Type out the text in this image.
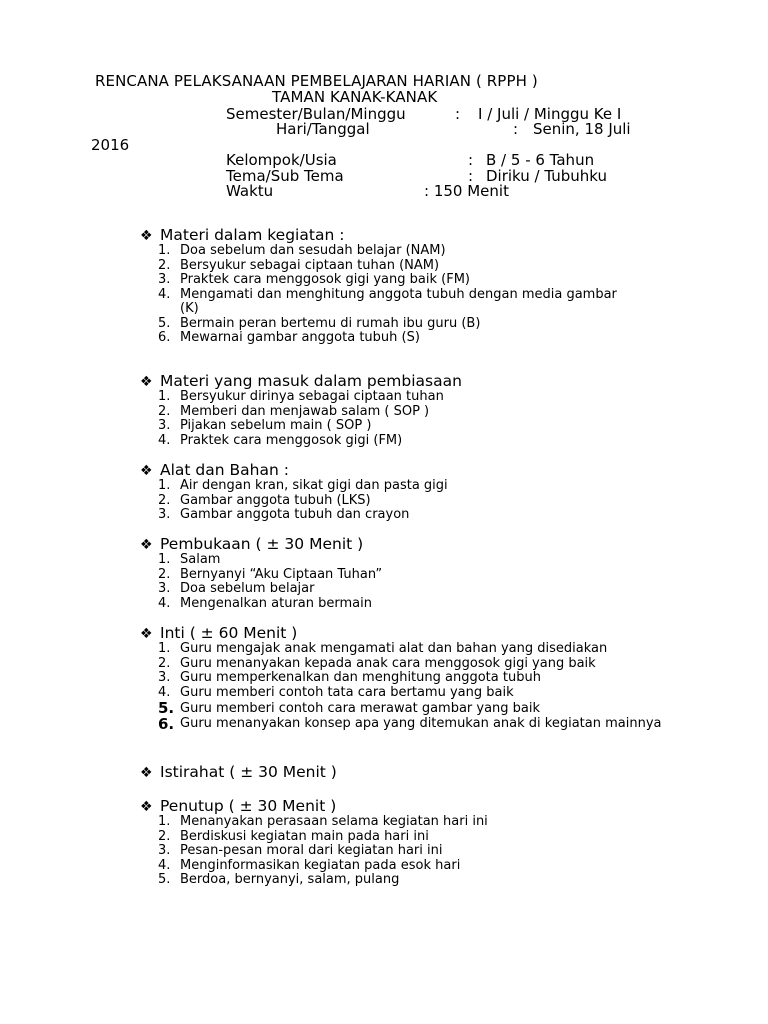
RENCANA PELAKSANAAN PEMBELAJARAN HARIAN ( RPPH )
TAMAN KANAK-KANAK
Semester/Bulan/Minggu	: I / Juli / Minggu Ke I
Hari/Tanggal	: Senin, 18 Juli
2016
Kelompok/Usia	: B / 5 - 6 Tahun
Tema/Sub Tema	: Diriku / Tubuhku
Waktu	: 150 Menit
❖ Materi dalam kegiatan :
1. Doa sebelum dan sesudah belajar (NAM)
2. Bersyukur sebagai ciptaan tuhan (NAM)
3. Praktek cara menggosok gigi yang baik (FM)
4. Mengamati dan menghitung anggota tubuh dengan media gambar (K)
5. Bermain peran bertemu di rumah ibu guru (B)
6. Mewarnai gambar anggota tubuh (S)
❖ Materi yang masuk dalam pembiasaan
1. Bersyukur dirinya sebagai ciptaan tuhan
2. Memberi dan menjawab salam ( SOP )
3. Pijakan sebelum main ( SOP )
4. Praktek cara menggosok gigi (FM)
❖ Alat dan Bahan :
1. Air dengan kran, sikat gigi dan pasta gigi
2. Gambar anggota tubuh (LKS)
3. Gambar anggota tubuh dan crayon
❖ Pembukaan ( ± 30 Menit )
1. Salam
2. Bernyanyi “Aku Ciptaan Tuhan”
3. Doa sebelum belajar
4. Mengenalkan aturan bermain
❖ Inti ( ± 60 Menit )
1. Guru mengajak anak mengamati alat dan bahan yang disediakan
2. Guru menanyakan kepada anak cara menggosok gigi yang baik
3. Guru memperkenalkan dan menghitung anggota tubuh
4. Guru memberi contoh tata cara bertamu yang baik
5. Guru memberi contoh cara merawat gambar yang baik
6. Guru menanyakan konsep apa yang ditemukan anak di kegiatan mainnya
❖ Istirahat ( ± 30 Menit )
❖ Penutup ( ± 30 Menit )
1. Menanyakan perasaan selama kegiatan hari ini
2. Berdiskusi kegiatan main pada hari ini
3. Pesan-pesan moral dari kegiatan hari ini
4. Menginformasikan kegiatan pada esok hari
5. Berdoa, bernyanyi, salam, pulang
